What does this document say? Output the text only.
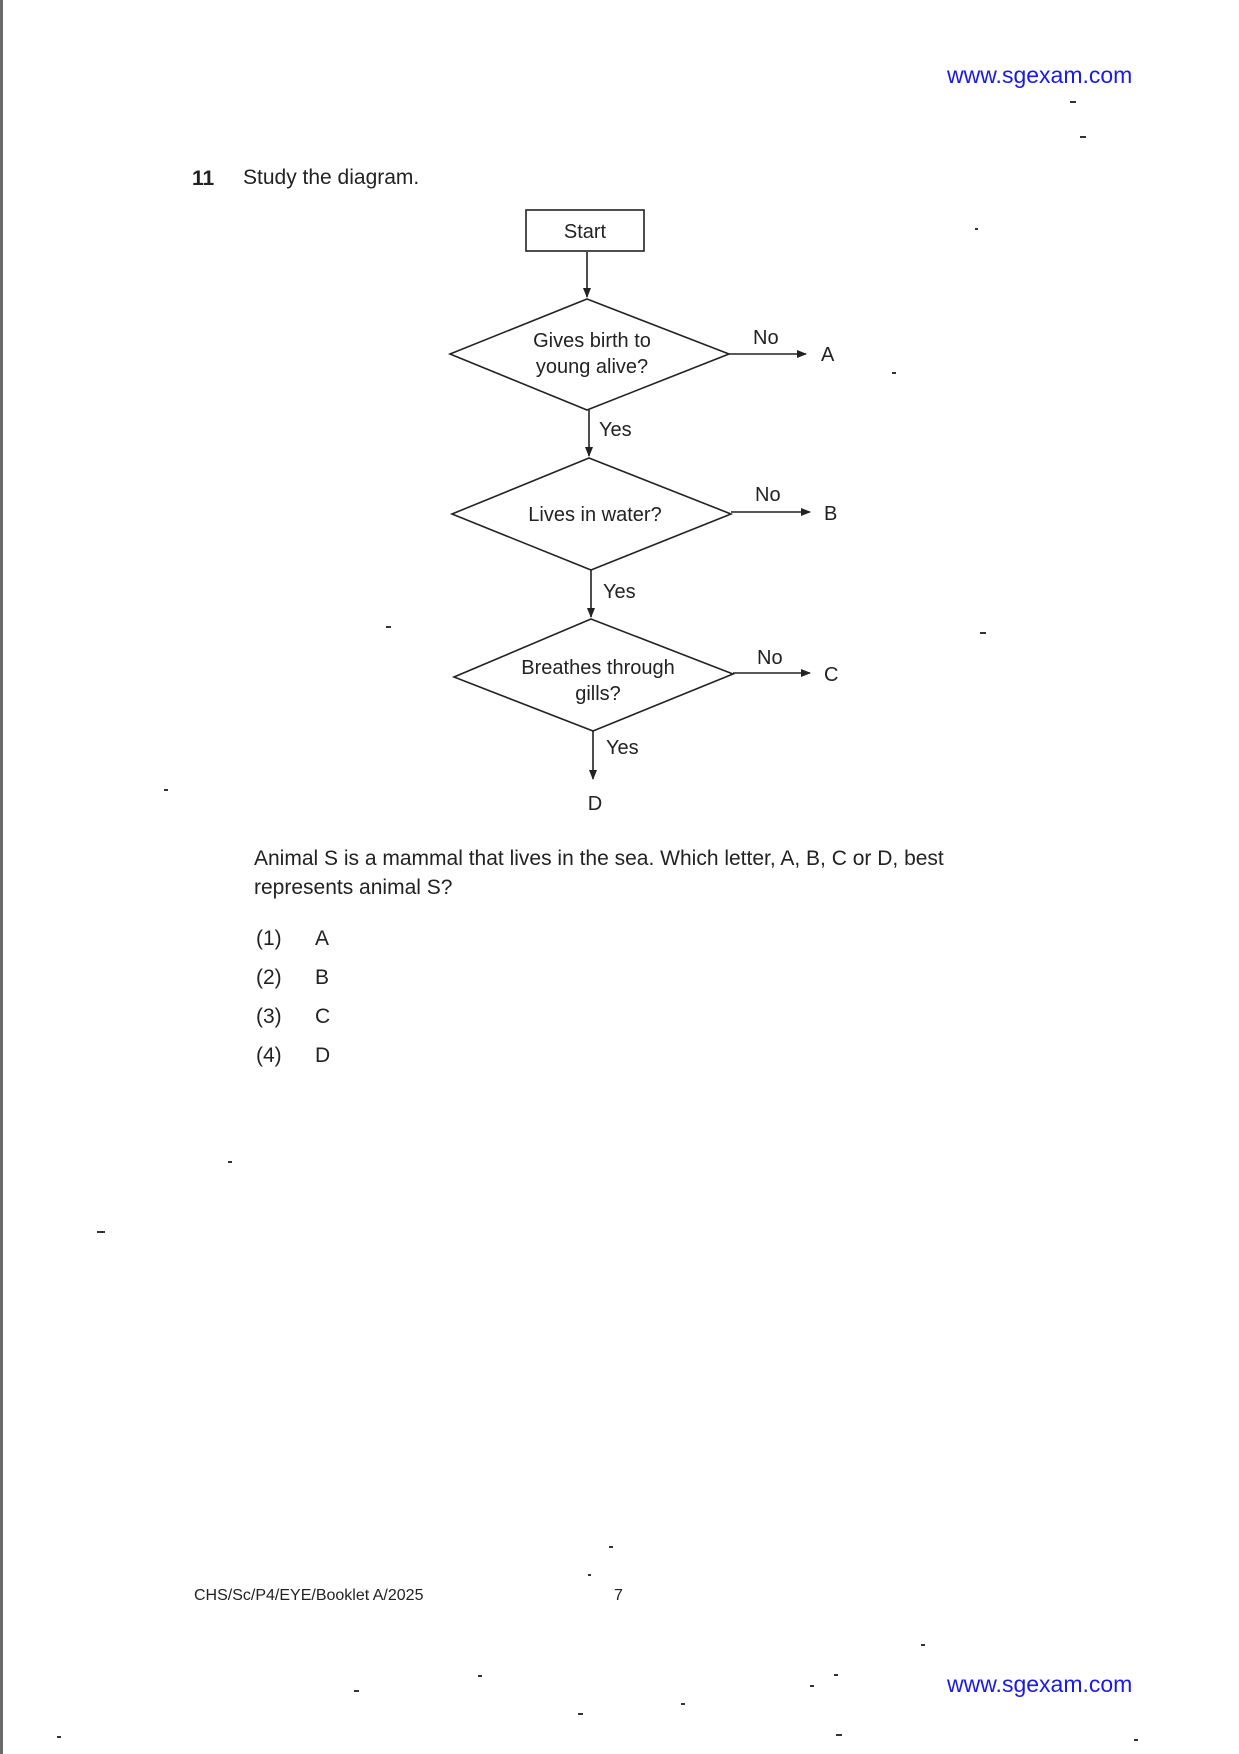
www.sgexam.com
11 Study the diagram.
Start
Gives birth to
young alive?
No
A
Yes
Lives in water?
No
B
Yes
Breathes through
gills?
No
C
Yes
D
Animal S is a mammal that lives in the sea. Which letter, A, B, C or D, best represents animal S?
(1) A
(2) B
(3) C
(4) D
CHS/Sc/P4/EYE/Booklet A/2025	7
www.sgexam.com
